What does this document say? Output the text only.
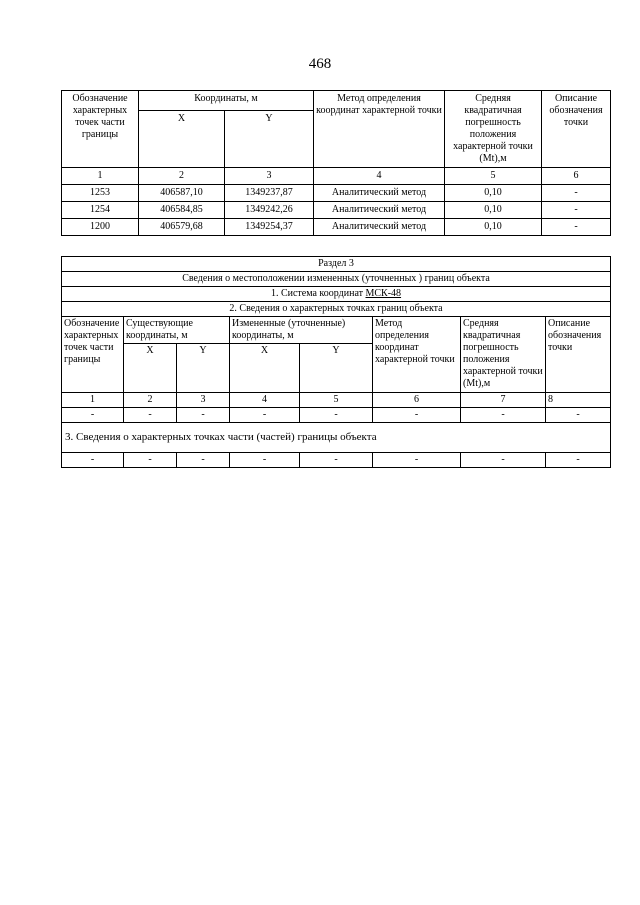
468
Обозначение характерных точек части границы	Координаты, м		Метод определения координат характерной точки	Средняя квадратичная погрешность положения характерной точки (Mt),м	Описание обозначения точки
	X	Y			
1	2	3	4	5	6
1253	406587,10	1349237,87	Аналитический метод	0,10	-
1254	406584,85	1349242,26	Аналитический метод	0,10	-
1200	406579,68	1349254,37	Аналитический метод	0,10	-
Раздел 3							
Сведения о местоположении измененных (уточненных ) границ объекта							
1. Система координат МСК-48							
2. Сведения о характерных точках границ объекта							
Обозначение характерных точек части границы	Существующие координаты, м		Измененные (уточненные) координаты, м		Метод определения координат характерной точки	Средняя квадратичная погрешность положения характерной точки (Mt),м	Описание обозначения точки
	X	Y	X	Y			
1	2	3	4	5	6	7	8
-	-	-	-	-	-	-	-
3. Сведения о характерных точках части (частей) границы объекта							
-	-	-	-	-	-	-	-
